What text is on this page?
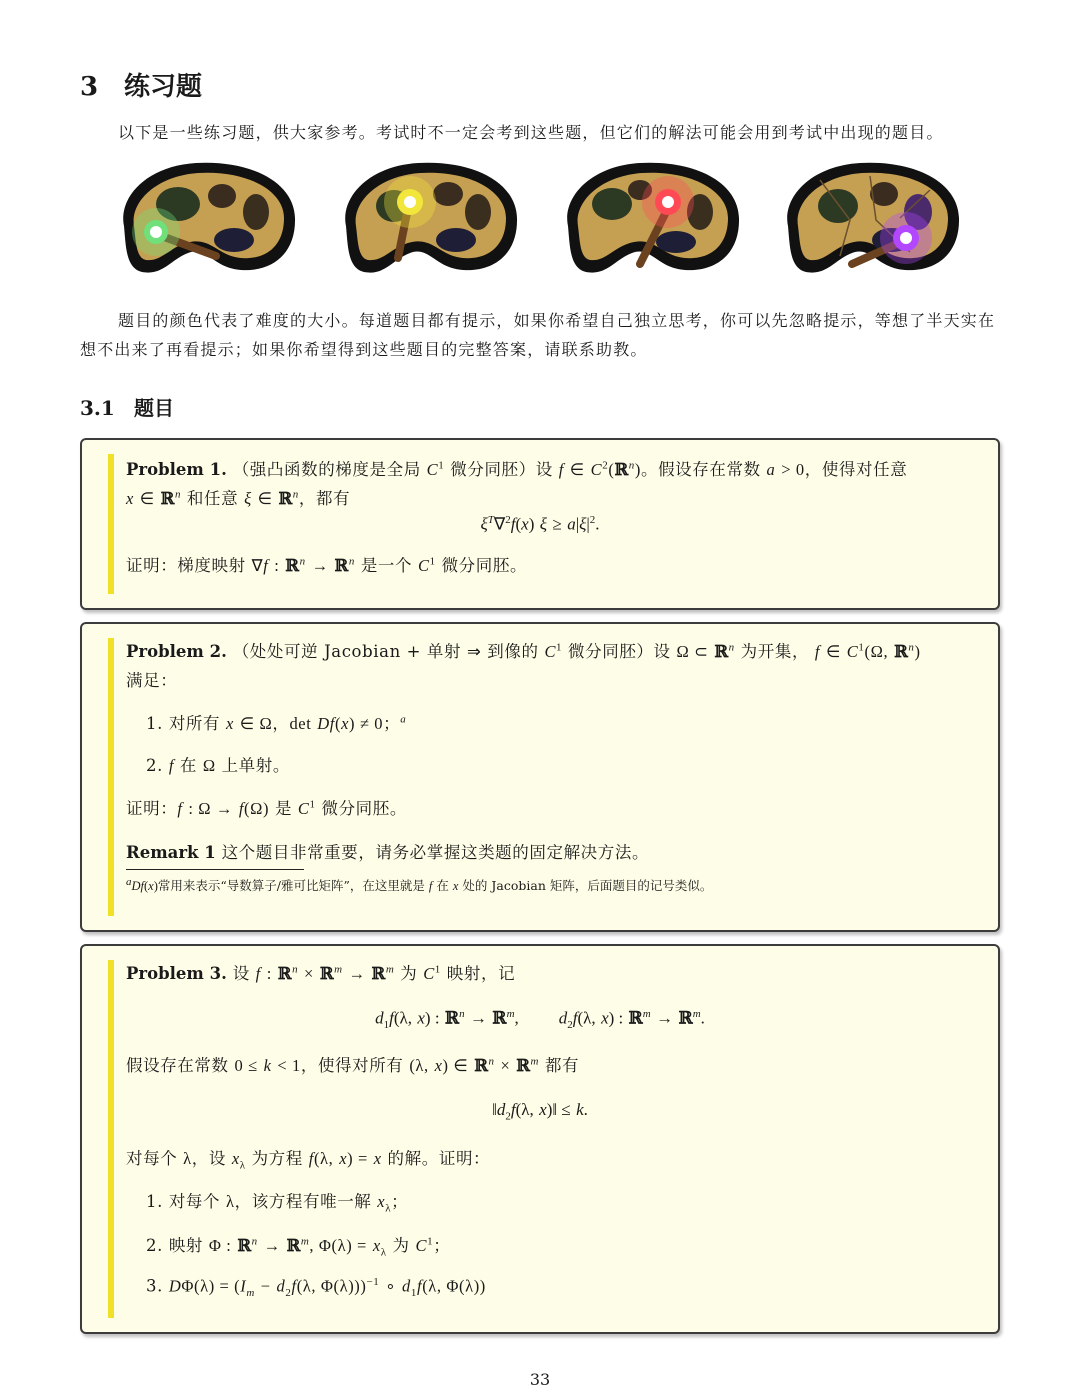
3 练习题
以下是一些练习题，供大家参考。考试时不一定会考到这些题，但它们的解法可能会用到考试中出现的题目。
题目的颜色代表了难度的大小。每道题目都有提示，如果你希望自己独立思考，你可以先忽略提示，等想了半天实在想不出来了再看提示；如果你希望得到这些题目的完整答案，请联系助教。
3.1 题目
Problem 1. （强凸函数的梯度是全局 $C^1$ 微分同胚）设 f ∈ $C^2(ℝ^n)$。假设存在常数 a > 0，使得对任意
x ∈ ℝ$^n$ 和任意 ξ ∈ ℝ$^n$，都有
$\xi^T\nabla^2f(x) \xi \ge a|\xi|^2$.
证明：梯度映射 ∇f : ℝ$^n$ → ℝ$^n$ 是一个 $C^1$ 微分同胚。
Problem 2. （处处可逆 Jacobian + 单射 ⇒ 到像的 $C^1$ 微分同胚）设 Ω ⊂ ℝ$^n$ 为开集， f ∈ $C^1(\Omega$, ℝ$^n$)
满足：
1. 对所有 x ∈ Ω，det Df(x) ≠ 0；$^a$
2. f 在 Ω 上单射。
证明：f : Ω → f(Ω) 是 $C^1$ 微分同胚。
Remark 1 这个题目非常重要，请务必掌握这类题的固定解决方法。
$^a$Df(x)常用来表示“导数算子/雅可比矩阵”，在这里就是 f 在 x 处的 Jacobian 矩阵，后面题目的记号类似。
Problem 3. 设 f : ℝ$^n$ × ℝ$^m$ → ℝ$^m$ 为 $C^1$ 映射，记
$d_1f(\lambda$, x) : ℝ$^n$ → ℝ$^m$, $d_2f(\lambda$, x) : ℝ$^m$ → ℝ$^m$.
假设存在常数 0 ≤ k < 1，使得对所有 (λ, x) ∈ ℝ$^n$ × ℝ$^m$ 都有
$‖d_2f(\lambda$, x)‖ ≤ k.
对每个 λ，设 $x_\lambda$ 为方程 f(λ, x) = x 的解。证明：
1. 对每个 λ，该方程有唯一解 $x_\lambda$；
2. 映射 Φ : ℝ$^n$ → ℝ$^m$, $\Phi(\lambda) = x_\lambda$ 为 $C^1$；
3. $D\Phi(\lambda) = (I_m - d_2f(\lambda$, Φ(λ)))$^{-1}$ ∘ $d_1f(\lambda$, Φ(λ))
33
